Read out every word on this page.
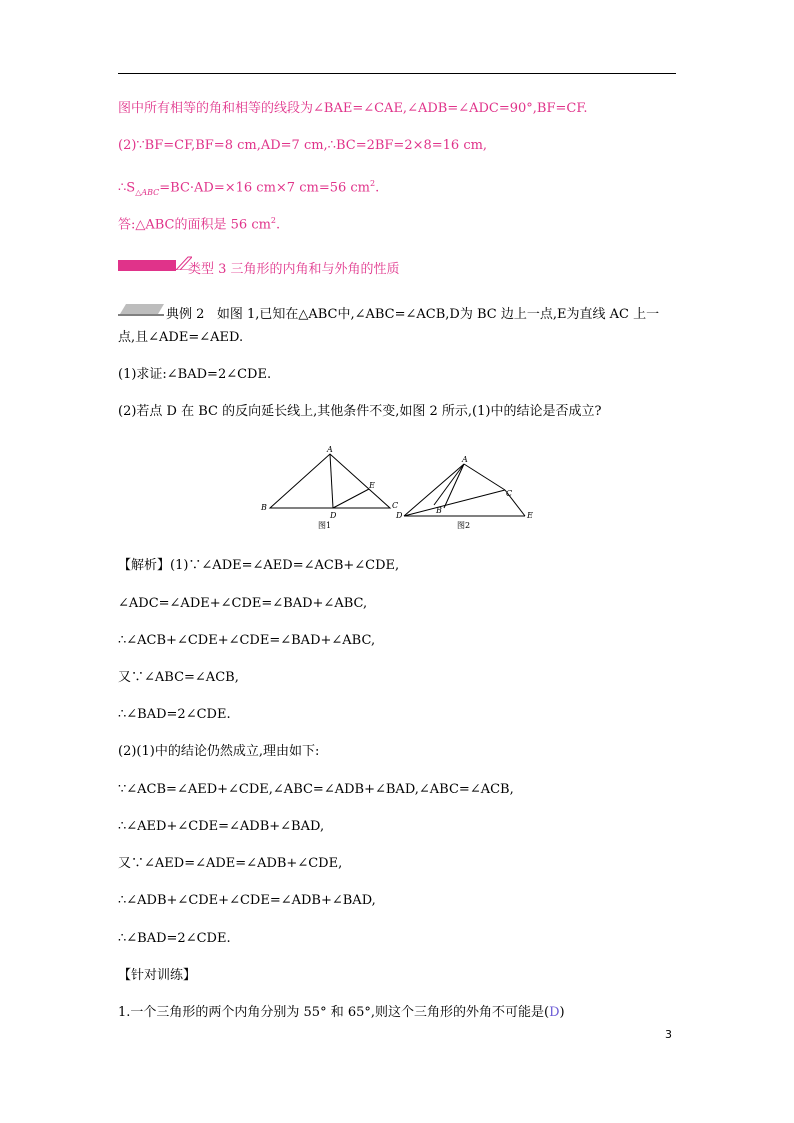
图中所有相等的角和相等的线段为∠BAE=∠CAE,∠ADB=∠ADC=90°,BF=CF.
(2)∵BF=CF,BF=8 cm,AD=7 cm,∴BC=2BF=2×8=16 cm,
$\therefore S_{\triangle ABC}=BC\cdot AD=\times 16$ cm×7 cm=56 $cm^2$.
答:△ABC的面积是 56 $cm^2$.
类型 3 三角形的内角和与外角的性质
典例 2 如图 1,已知在△ABC中,∠ABC=∠ACB,D为 BC 边上一点,E为直线 AC 上一
点,且∠ADE=∠AED.
(1)求证:∠BAD=2∠CDE.
(2)若点 D 在 BC 的反向延长线上,其他条件不变,如图 2 所示,(1)中的结论是否成立?
A
B	C
D
E
图1
A
B
C
D	E
图2
【解析】(1)∵∠ADE=∠AED=∠ACB+∠CDE,
∠ADC=∠ADE+∠CDE=∠BAD+∠ABC,
∴∠ACB+∠CDE+∠CDE=∠BAD+∠ABC,
又∵∠ABC=∠ACB,
∴∠BAD=2∠CDE.
(2)(1)中的结论仍然成立,理由如下:
∵∠ACB=∠AED+∠CDE,∠ABC=∠ADB+∠BAD,∠ABC=∠ACB,
∴∠AED+∠CDE=∠ADB+∠BAD,
又∵∠AED=∠ADE=∠ADB+∠CDE,
∴∠ADB+∠CDE+∠CDE=∠ADB+∠BAD,
∴∠BAD=2∠CDE.
【针对训练】
1.一个三角形的两个内角分别为 55° 和 65°,则这个三角形的外角不可能是(D)
3
